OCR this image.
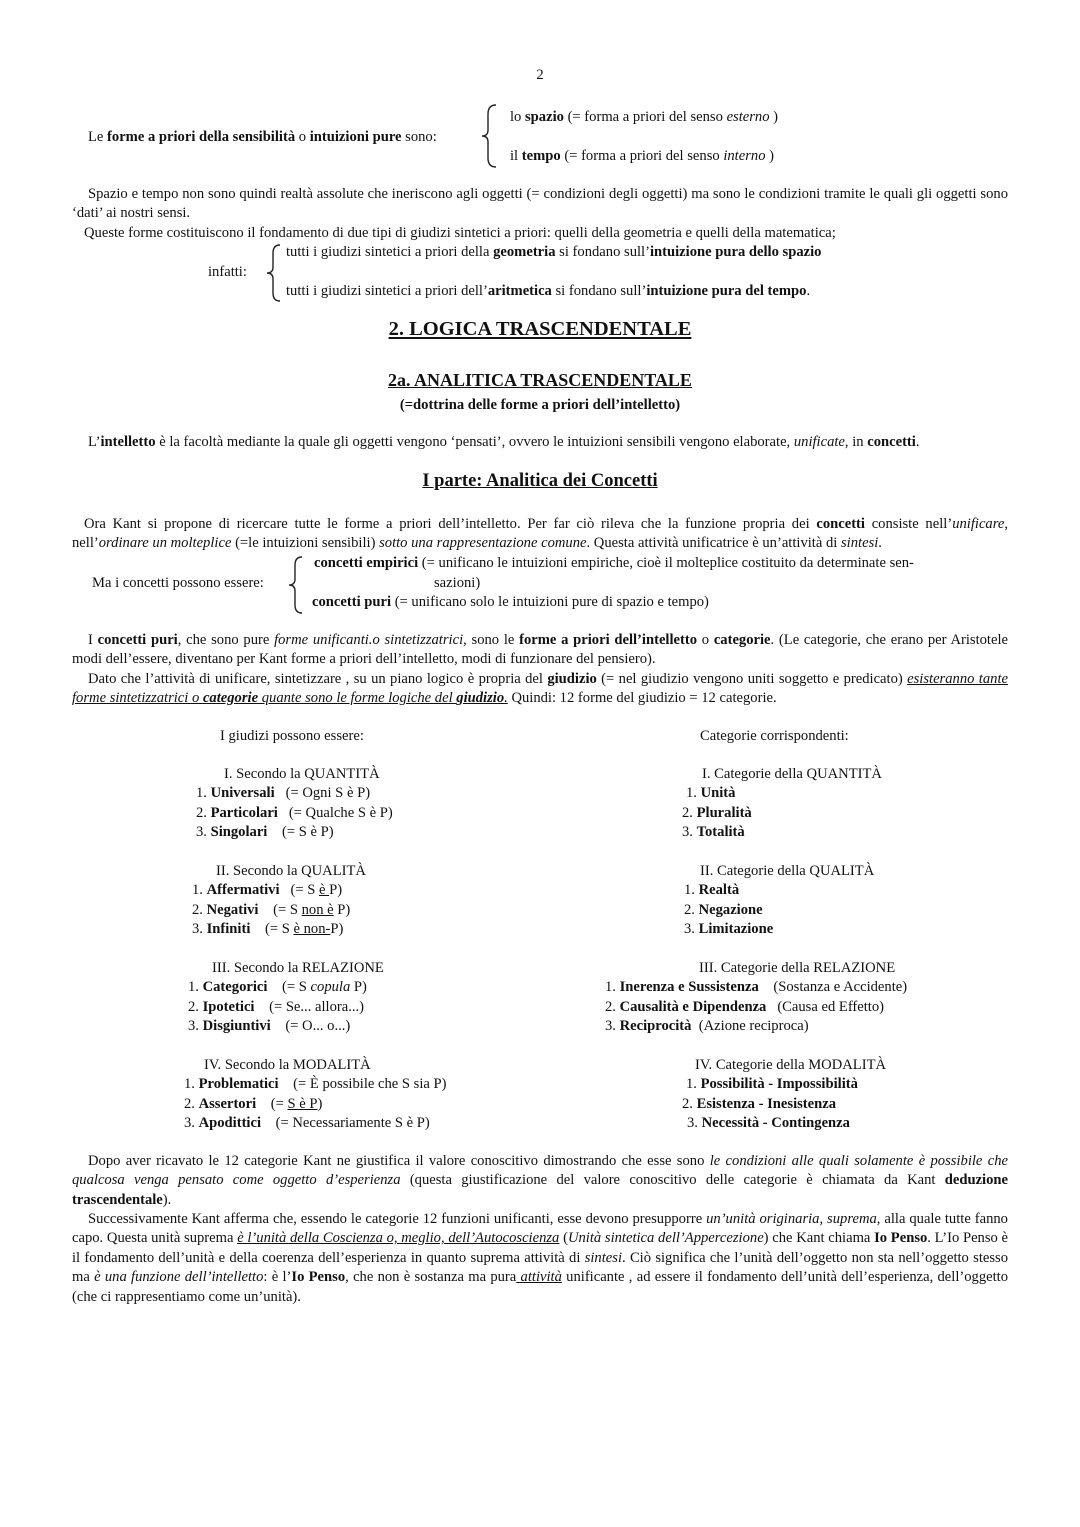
2
Le forme a priori della sensibilità o intuizioni pure sono:
lo spazio (= forma a priori del senso esterno )
il tempo (= forma a priori del senso interno )
Spazio e tempo non sono quindi realtà assolute che ineriscono agli oggetti (= condizioni degli oggetti) ma sono le condizioni tramite le quali gli oggetti sono ‘dati’ ai nostri sensi.
Queste forme costituiscono il fondamento di due tipi di giudizi sintetici a priori: quelli della geometria e quelli della matematica;
infatti:
tutti i giudizi sintetici a priori della geometria si fondano sull’intuizione pura dello spazio
tutti i giudizi sintetici a priori dell’aritmetica si fondano sull’intuizione pura del tempo.
2. LOGICA TRASCENDENTALE
2a. ANALITICA TRASCENDENTALE
(=dottrina delle forme a priori dell’intelletto)
L’intelletto è la facoltà mediante la quale gli oggetti vengono ‘pensati’, ovvero le intuizioni sensibili vengono elaborate, unificate, in concetti.
I parte: Analitica dei Concetti
Ora Kant si propone di ricercare tutte le forme a priori dell’intelletto. Per far ciò rileva che la funzione propria dei concetti consiste nell’unificare, nell’ordinare un molteplice (=le intuizioni sensibili) sotto una rappresentazione comune. Questa attività unificatrice è un’attività di sintesi.
Ma i concetti possono essere:
concetti empirici (= unificano le intuizioni empiriche, cioè il molteplice costituito da determinate sen-
sazioni)
concetti puri (= unificano solo le intuizioni pure di spazio e tempo)
I concetti puri, che sono pure forme unificanti.o sintetizzatrici, sono le forme a priori dell’intelletto o categorie. (Le categorie, che erano per Aristotele modi dell’essere, diventano per Kant forme a priori dell’intelletto, modi di funzionare del pensiero).
Dato che l’attività di unificare, sintetizzare , su un piano logico è propria del giudizio (= nel giudizio vengono uniti soggetto e predicato) esisteranno tante forme sintetizzatrici o categorie quante sono le forme logiche del giudizio. Quindi: 12 forme del giudizio = 12 categorie.
I giudizi possono essere:	Categorie corrispondenti:
I. Secondo la QUANTITÀ
1. Universali (= Ogni S è P)
2. Particolari (= Qualche S è P)
3. Singolari (= S è P)
II. Secondo la QUALITÀ
1. Affermativi (= S è P)
2. Negativi (= S non è P)
3. Infiniti (= S è non-P)
III. Secondo la RELAZIONE
1. Categorici (= S copula P)
2. Ipotetici (= Se... allora...)
3. Disgiuntivi (= O... o...)
IV. Secondo la MODALITÀ
1. Problematici (= È possibile che S sia P)
2. Assertori (= S è P)
3. Apodittici (= Necessariamente S è P)
I. Categorie della QUANTITÀ
1. Unità
2. Pluralità
3. Totalità
II. Categorie della QUALITÀ
1. Realtà
2. Negazione
3. Limitazione
III. Categorie della RELAZIONE
1. Inerenza e Sussistenza (Sostanza e Accidente)
2. Causalità e Dipendenza (Causa ed Effetto)
3. Reciprocità (Azione reciproca)
IV. Categorie della MODALITÀ
1. Possibilità - Impossibilità
2. Esistenza - Inesistenza
3. Necessità - Contingenza
Dopo aver ricavato le 12 categorie Kant ne giustifica il valore conoscitivo dimostrando che esse sono le condizioni alle quali solamente è possibile che qualcosa venga pensato come oggetto d’esperienza (questa giustificazione del valore conoscitivo delle categorie è chiamata da Kant deduzione trascendentale).
Successivamente Kant afferma che, essendo le categorie 12 funzioni unificanti, esse devono presupporre un’unità originaria, suprema, alla quale tutte fanno capo. Questa unità suprema è l’unità della Coscienza o, meglio, dell’Autocoscienza (Unità sintetica dell’Appercezione) che Kant chiama Io Penso. L’Io Penso è il fondamento dell’unità e della coerenza dell’esperienza in quanto suprema attività di sintesi. Ciò significa che l’unità dell’oggetto non sta nell’oggetto stesso ma è una funzione dell’intelletto: è l’Io Penso, che non è sostanza ma pura attività unificante , ad essere il fondamento dell’unità dell’esperienza, dell’oggetto (che ci rappresentiamo come un’unità).
